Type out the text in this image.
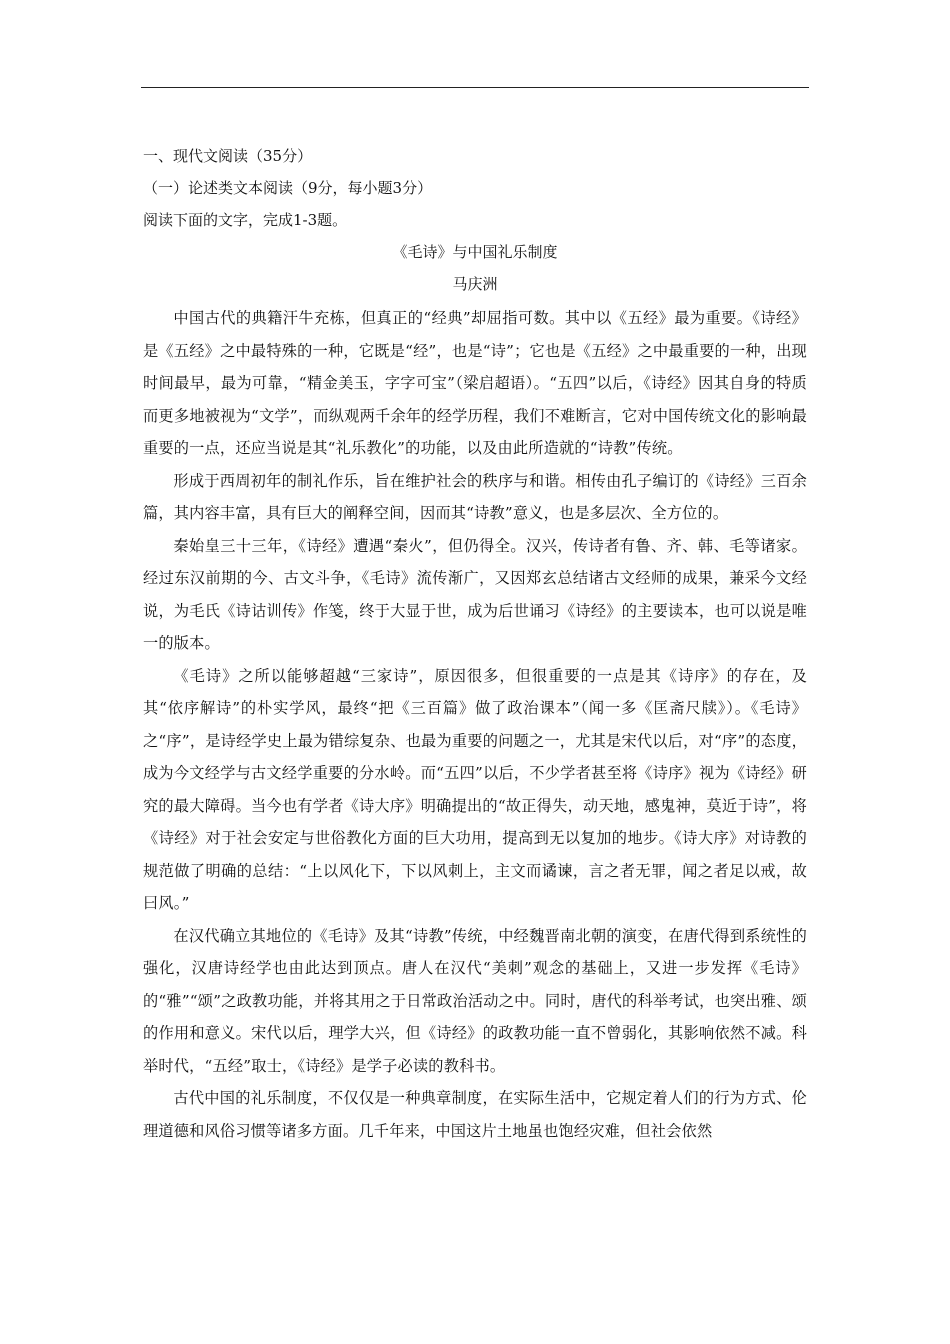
一、现代文阅读（35分）
（一）论述类文本阅读（9分，每小题3分）
阅读下面的文字，完成1-3题。
《毛诗》与中国礼乐制度
马庆洲

中国古代的典籍汗牛充栋，但真正的“经典”却屈指可数。其中以《五经》最为重要。《诗经》是《五经》之中最特殊的一种，它既是“经”，也是“诗”；它也是《五经》之中最重要的一种，出现时间最早，最为可靠，“精金美玉，字字可宝”（梁启超语）。“五四”以后，《诗经》因其自身的特质而更多地被视为“文学”，而纵观两千余年的经学历程，我们不难断言，它对中国传统文化的影响最重要的一点，还应当说是其“礼乐教化”的功能，以及由此所造就的“诗教”传统。

形成于西周初年的制礼作乐，旨在维护社会的秩序与和谐。相传由孔子编订的《诗经》三百余篇，其内容丰富，具有巨大的阐释空间，因而其“诗教”意义，也是多层次、全方位的。

秦始皇三十三年，《诗经》遭遇“秦火”，但仍得全。汉兴，传诗者有鲁、齐、韩、毛等诸家。经过东汉前期的今、古文斗争，《毛诗》流传渐广，又因郑玄总结诸古文经师的成果，兼采今文经说，为毛氏《诗诂训传》作笺，终于大显于世，成为后世诵习《诗经》的主要读本，也可以说是唯一的版本。

《毛诗》之所以能够超越“三家诗”，原因很多，但很重要的一点是其《诗序》的存在，及其“依序解诗”的朴实学风，最终“把《三百篇》做了政治课本”（闻一多《匡斋尺牍》）。《毛诗》之“序”，是诗经学史上最为错综复杂、也最为重要的问题之一，尤其是宋代以后，对“序”的态度，成为今文经学与古文经学重要的分水岭。而“五四”以后，不少学者甚至将《诗序》视为《诗经》研究的最大障碍。当今也有学者《诗大序》明确提出的“故正得失，动天地，感鬼神，莫近于诗”，将《诗经》对于社会安定与世俗教化方面的巨大功用，提高到无以复加的地步。《诗大序》对诗教的规范做了明确的总结：“上以风化下，下以风刺上，主文而谲谏，言之者无罪，闻之者足以戒，故曰风。”

在汉代确立其地位的《毛诗》及其“诗教”传统，中经魏晋南北朝的演变，在唐代得到系统性的强化，汉唐诗经学也由此达到顶点。唐人在汉代“美刺”观念的基础上，又进一步发挥《毛诗》的“雅”“颂”之政教功能，并将其用之于日常政治活动之中。同时，唐代的科举考试，也突出雅、颂的作用和意义。宋代以后，理学大兴，但《诗经》的政教功能一直不曾弱化，其影响依然不减。科举时代，“五经”取士，《诗经》是学子必读的教科书。

古代中国的礼乐制度，不仅仅是一种典章制度，在实际生活中，它规定着人们的行为方式、伦理道德和风俗习惯等诸多方面。几千年来，中国这片土地虽也饱经灾难，但社会依然
